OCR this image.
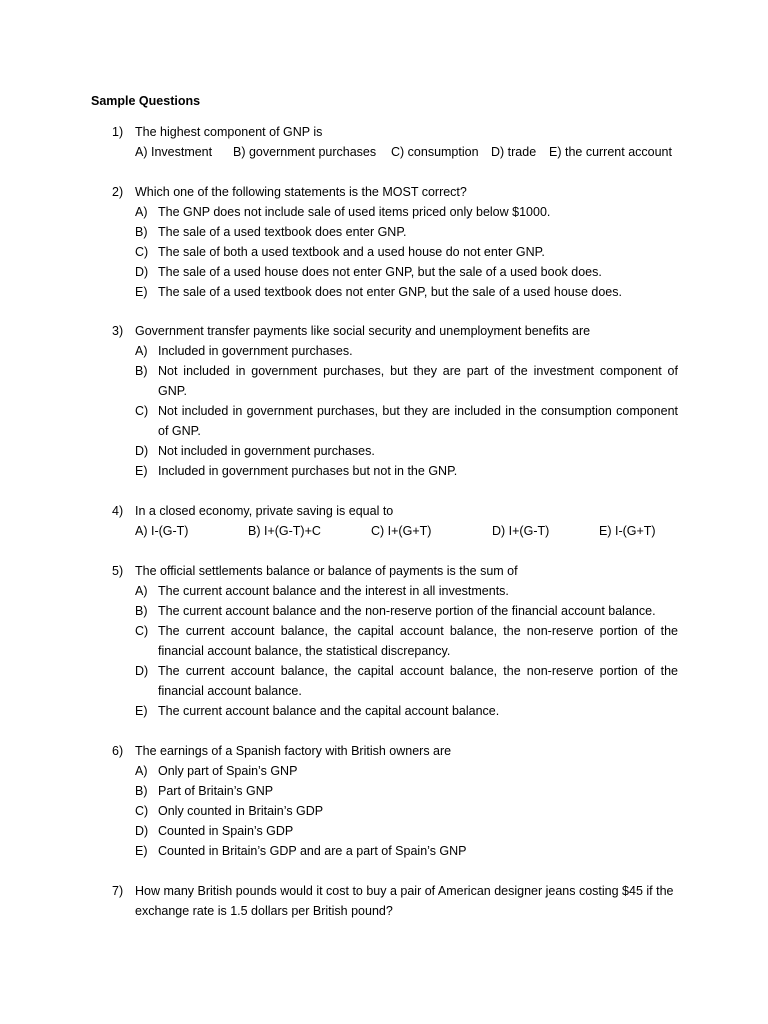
Sample Questions
1) The highest component of GNP is
A) Investment B) government purchases C) consumption D) trade E) the current account
2) Which one of the following statements is the MOST correct?
A) The GNP does not include sale of used items priced only below $1000.
B) The sale of a used textbook does enter GNP.
C) The sale of both a used textbook and a used house do not enter GNP.
D) The sale of a used house does not enter GNP, but the sale of a used book does.
E) The sale of a used textbook does not enter GNP, but the sale of a used house does.
3) Government transfer payments like social security and unemployment benefits are
A) Included in government purchases.
B) Not included in government purchases, but they are part of the investment component of GNP.
C) Not included in government purchases, but they are included in the consumption component of GNP.
D) Not included in government purchases.
E) Included in government purchases but not in the GNP.
4) In a closed economy, private saving is equal to
A) I-(G-T)	B) I+(G-T)+C	C) I+(G+T)	D) I+(G-T)	E) I-(G+T)
5) The official settlements balance or balance of payments is the sum of
A) The current account balance and the interest in all investments.
B) The current account balance and the non-reserve portion of the financial account balance.
C) The current account balance, the capital account balance, the non-reserve portion of the financial account balance, the statistical discrepancy.
D) The current account balance, the capital account balance, the non-reserve portion of the financial account balance.
E) The current account balance and the capital account balance.
6) The earnings of a Spanish factory with British owners are
A) Only part of Spain’s GNP
B) Part of Britain’s GNP
C) Only counted in Britain’s GDP
D) Counted in Spain’s GDP
E) Counted in Britain’s GDP and are a part of Spain’s GNP
7) How many British pounds would it cost to buy a pair of American designer jeans costing $45 if the
exchange rate is 1.5 dollars per British pound?
